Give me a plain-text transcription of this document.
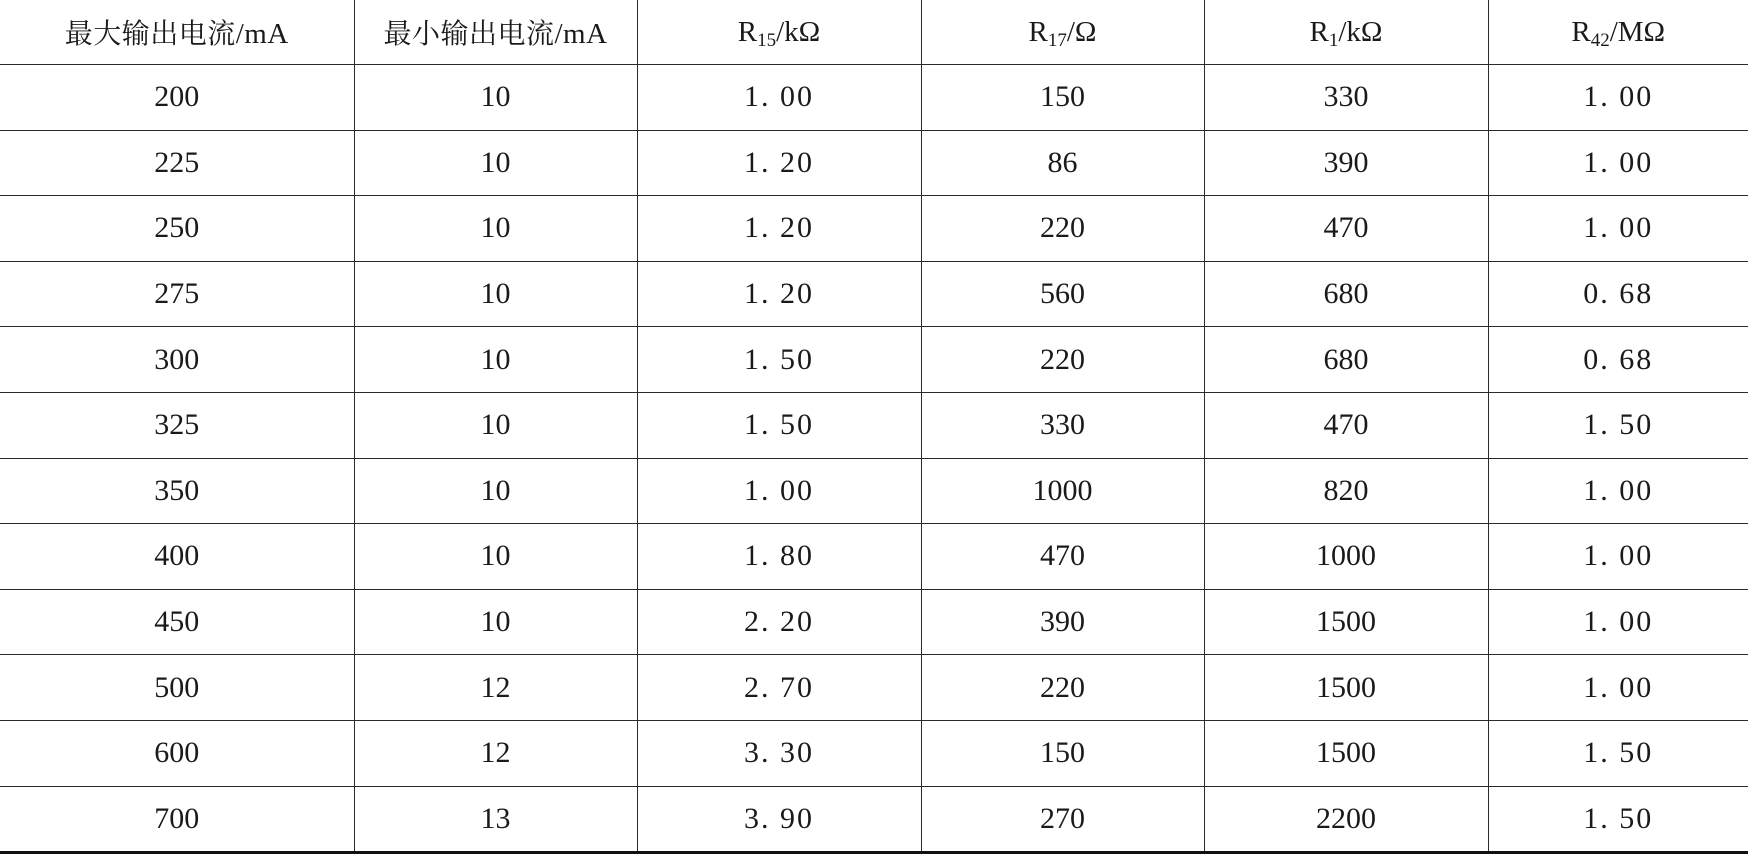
最大输出电流/mA	最小输出电流/mA	$R_{15}/k\Omega$	$R_{17}/\Omega$	$R_1/k\Omega$	$R_{42}/M\Omega$
200	10	1. 00	150	330	1. 00
225	10	1. 20	86	390	1. 00
250	10	1. 20	220	470	1. 00
275	10	1. 20	560	680	0. 68
300	10	1. 50	220	680	0. 68
325	10	1. 50	330	470	1. 50
350	10	1. 00	1000	820	1. 00
400	10	1. 80	470	1000	1. 00
450	10	2. 20	390	1500	1. 00
500	12	2. 70	220	1500	1. 00
600	12	3. 30	150	1500	1. 50
700	13	3. 90	270	2200	1. 50
